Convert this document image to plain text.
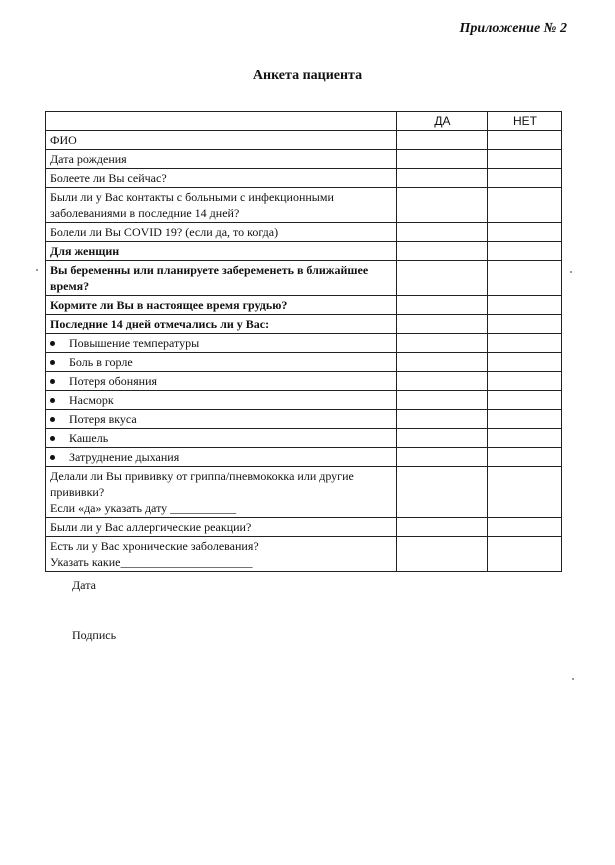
Приложение № 2
Анкета пациента
	ДА	НЕТ
ФИО		
Дата рождения		
Болеете ли Вы сейчас?		
Были ли у Вас контакты с больными с инфекционными заболеваниями в последние 14 дней?		
Болели ли Вы COVID 19? (если да, то когда)		
Для женщин		
Вы беременны или планируете забеременеть в ближайшее время?		
Кормите ли Вы в настоящее время грудью?		
Последние 14 дней отмечались ли у Вас:		
Повышение температуры		
Боль в горле		
Потеря обоняния		
Насморк		
Потеря вкуса		
Кашель		
Затруднение дыхания		

Делали ли Вы прививку от гриппа/пневмококка или другие прививки?
Если «да» указать дату ___________		

Были ли у Вас аллергические реакции?		

Есть ли у Вас хронические заболевания?
Указать какие______________________		

Дата
Подпись
